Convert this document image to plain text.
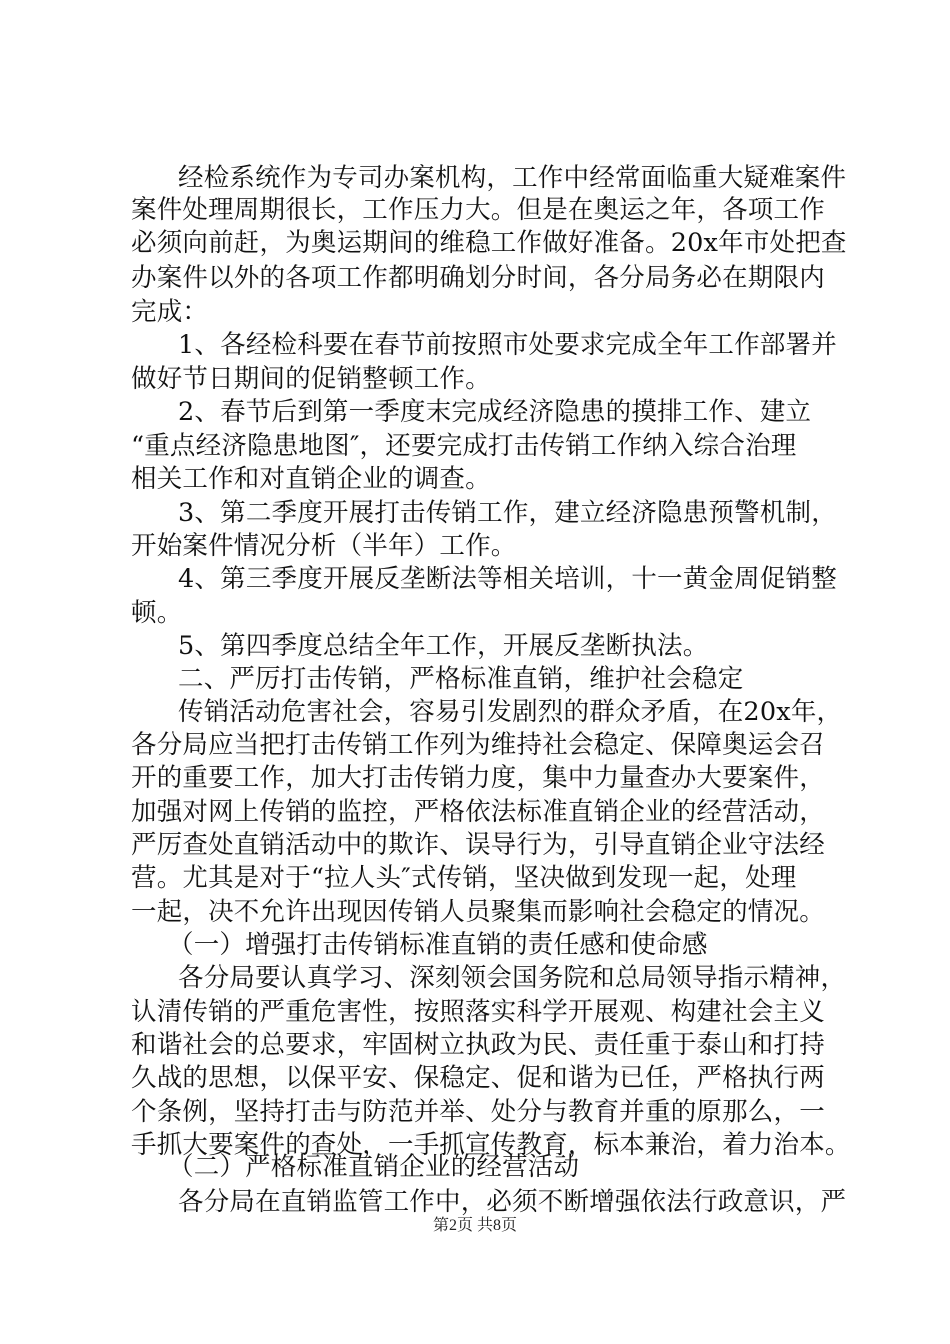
经检系统作为专司办案机构，工作中经常面临重大疑难案件
案件处理周期很长，工作压力大。但是在奥运之年，各项工作
必须向前赶，为奥运期间的维稳工作做好准备。20x年市处把查
办案件以外的各项工作都明确划分时间，各分局务必在期限内
完成：
1、各经检科要在春节前按照市处要求完成全年工作部署并
做好节日期间的促销整顿工作。
2、春节后到第一季度末完成经济隐患的摸排工作、建立
“重点经济隐患地图″，还要完成打击传销工作纳入综合治理
相关工作和对直销企业的调查。
3、第二季度开展打击传销工作，建立经济隐患预警机制，
开始案件情况分析（半年）工作。
4、第三季度开展反垄断法等相关培训，十一黄金周促销整
顿。
5、第四季度总结全年工作，开展反垄断执法。
二、严厉打击传销，严格标准直销，维护社会稳定
传销活动危害社会，容易引发剧烈的群众矛盾，在20x年，
各分局应当把打击传销工作列为维持社会稳定、保障奥运会召
开的重要工作，加大打击传销力度，集中力量查办大要案件，
加强对网上传销的监控，严格依法标准直销企业的经营活动，
严厉查处直销活动中的欺诈、误导行为，引导直销企业守法经
营。尤其是对于“拉人头″式传销，坚决做到发现一起，处理
一起，决不允许出现因传销人员聚集而影响社会稳定的情况。
（一）增强打击传销标准直销的责任感和使命感
各分局要认真学习、深刻领会国务院和总局领导指示精神，
认清传销的严重危害性，按照落实科学开展观、构建社会主义
和谐社会的总要求，牢固树立执政为民、责任重于泰山和打持
久战的思想，以保平安、保稳定、促和谐为已任，严格执行两
个条例，坚持打击与防范并举、处分与教育并重的原那么，一
手抓大要案件的查处，一手抓宣传教育，标本兼治，着力治本。
（二）严格标准直销企业的经营活动
各分局在直销监管工作中，必须不断增强依法行政意识，严
第2页 共8页
